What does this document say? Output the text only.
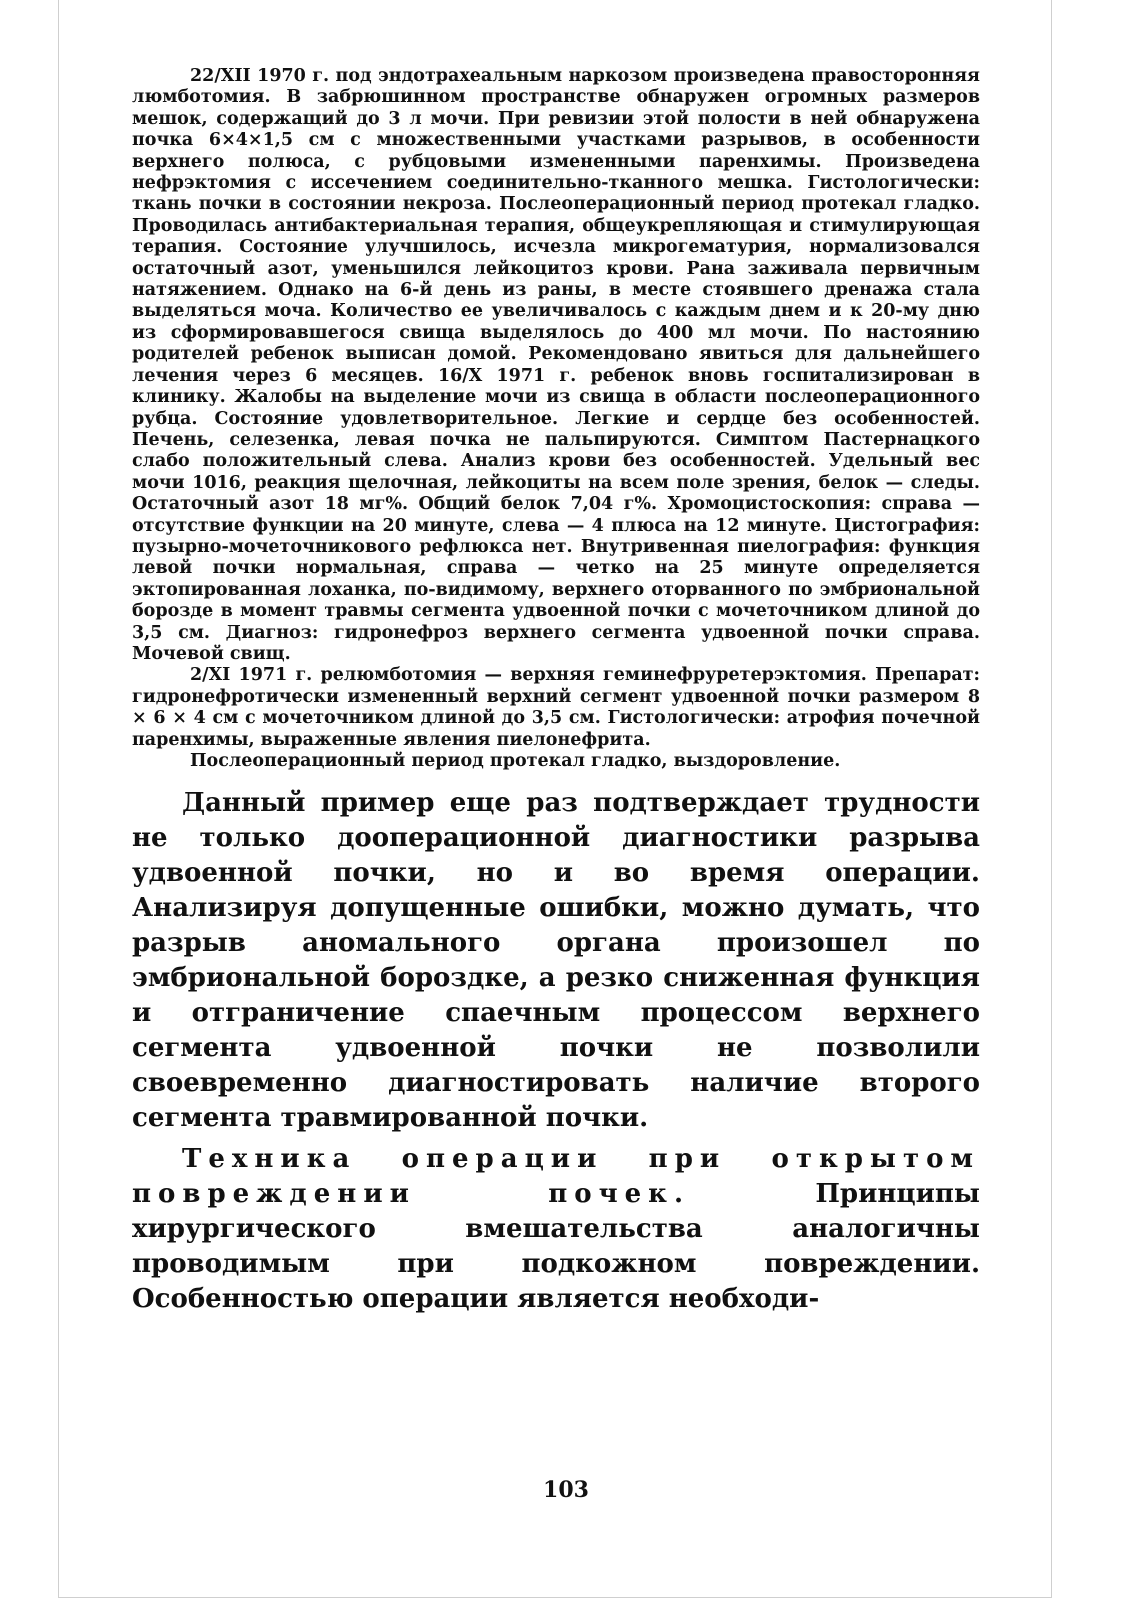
22/XII 1970 г. под эндотрахеальным наркозом произведена правосторонняя люмботомия. В забрюшинном пространстве обнаружен огромных размеров мешок, содержащий до 3 л мочи. При ревизии этой полости в ней обнаружена почка 6×4×1,5 см с множественными участками разрывов, в особенности верхнего полюса, с рубцовыми измененными паренхимы. Произведена нефрэктомия с иссечением соединительно-тканного мешка. Гистологически: ткань почки в состоянии некроза. Послеоперационный период протекал гладко. Проводилась антибактериальная терапия, общеукрепляющая и стимулирующая терапия. Состояние улучшилось, исчезла микрогематурия, нормализовался остаточный азот, уменьшился лейкоцитоз крови. Рана заживала первичным натяжением. Однако на 6-й день из раны, в месте стоявшего дренажа стала выделяться моча. Количество ее увеличивалось с каждым днем и к 20-му дню из сформировавшегося свища выделялось до 400 мл мочи. По настоянию родителей ребенок выписан домой. Рекомендовано явиться для дальнейшего лечения через 6 месяцев. 16/X 1971 г. ребенок вновь госпитализирован в клинику. Жалобы на выделение мочи из свища в области послеоперационного рубца. Состояние удовлетворительное. Легкие и сердце без особенностей. Печень, селезенка, левая почка не пальпируются. Симптом Пастернацкого слабо положительный слева. Анализ крови без особенностей. Удельный вес мочи 1016, реакция щелочная, лейкоциты на всем поле зрения, белок — следы. Остаточный азот 18 мг%. Общий белок 7,04 г%. Хромоцистоскопия: справа — отсутствие функции на 20 минуте, слева — 4 плюса на 12 минуте. Цистография: пузырно-мочеточникового рефлюкса нет. Внутривенная пиелография: функция левой почки нормальная, справа — четко на 25 минуте определяется эктопированная лоханка, по-видимому, верхнего оторванного по эмбриональной борозде в момент травмы сегмента удвоенной почки с мочеточником длиной до 3,5 см. Диагноз: гидронефроз верхнего сегмента удвоенной почки справа. Мочевой свищ.

2/XI 1971 г. релюмботомия — верхняя геминефруретерэктомия. Препарат: гидронефротически измененный верхний сегмент удвоенной почки размером 8 × 6 × 4 см с мочеточником длиной до 3,5 см. Гистологически: атрофия почечной паренхимы, выраженные явления пиелонефрита.

Послеоперационный период протекал гладко, выздоровление.

Данный пример еще раз подтверждает трудности не только дооперационной диагностики разрыва удвоенной почки, но и во время операции. Анализируя допущенные ошибки, можно думать, что разрыв аномального органа произошел по эмбриональной бороздке, а резко сниженная функция и отграничение спаечным процессом верхнего сегмента удвоенной почки не позволили своевременно диагностировать наличие второго сегмента травмированной почки.

Техника операции при открытом повреждении почек.	Принципы хирургического вмешательства аналогичны проводимым при подкожном повреждении. Особенностью операции является необходи-

103
